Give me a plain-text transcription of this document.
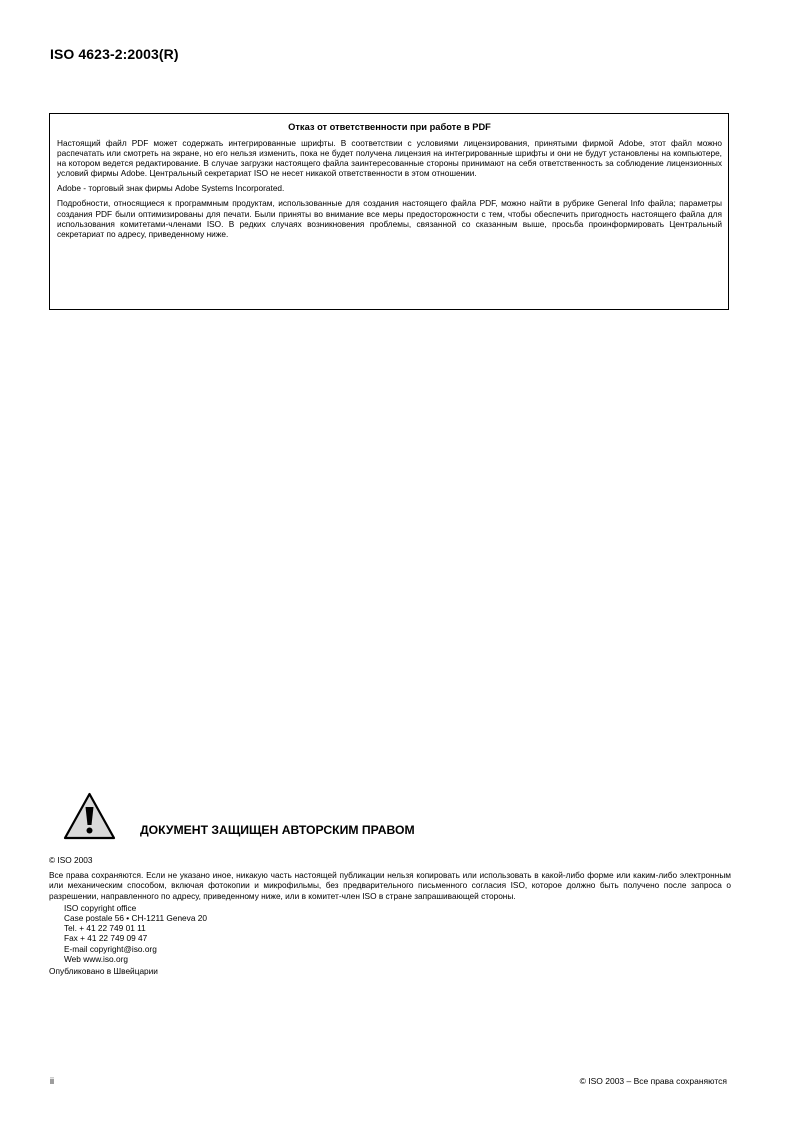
ISO 4623-2:2003(R)
Отказ от ответственности при работе в PDF

Настоящий файл PDF может содержать интегрированные шрифты. В соответствии с условиями лицензирования, принятыми фирмой Adobe, этот файл можно распечатать или смотреть на экране, но его нельзя изменить, пока не будет получена лицензия на интегрированные шрифты и они не будут установлены на компьютере, на котором ведется редактирование. В случае загрузки настоящего файла заинтересованные стороны принимают на себя ответственность за соблюдение лицензионных условий фирмы Adobe. Центральный секретариат ISO не несет никакой ответственности в этом отношении.

Adobe - торговый знак фирмы Adobe Systems Incorporated.

Подробности, относящиеся к программным продуктам, использованные для создания настоящего файла PDF, можно найти в рубрике General Info файла; параметры создания PDF были оптимизированы для печати. Были приняты во внимание все меры предосторожности с тем, чтобы обеспечить пригодность настоящего файла для использования комитетами-членами ISO. В редких случаях возникновения проблемы, связанной со сказанным выше, просьба проинформировать Центральный секретариат по адресу, приведенному ниже.

ДОКУМЕНТ ЗАЩИЩЕН АВТОРСКИМ ПРАВОМ
© ISO 2003
Все права сохраняются. Если не указано иное, никакую часть настоящей публикации нельзя копировать или использовать в какой-либо форме или каким-либо электронным или механическим способом, включая фотокопии и микрофильмы, без предварительного письменного согласия ISO, которое должно быть получено после запроса о разрешении, направленного по адресу, приведенному ниже, или в комитет-член ISO в стране запрашивающей стороны.
ISO copyright office
Case postale 56 • CH-1211 Geneva 20
Tel. + 41 22 749 01 11
Fax + 41 22 749 09 47
E-mail copyright@iso.org
Web www.iso.org
Опубликовано в Швейцарии
ii	© ISO 2003 – Все права сохраняются
